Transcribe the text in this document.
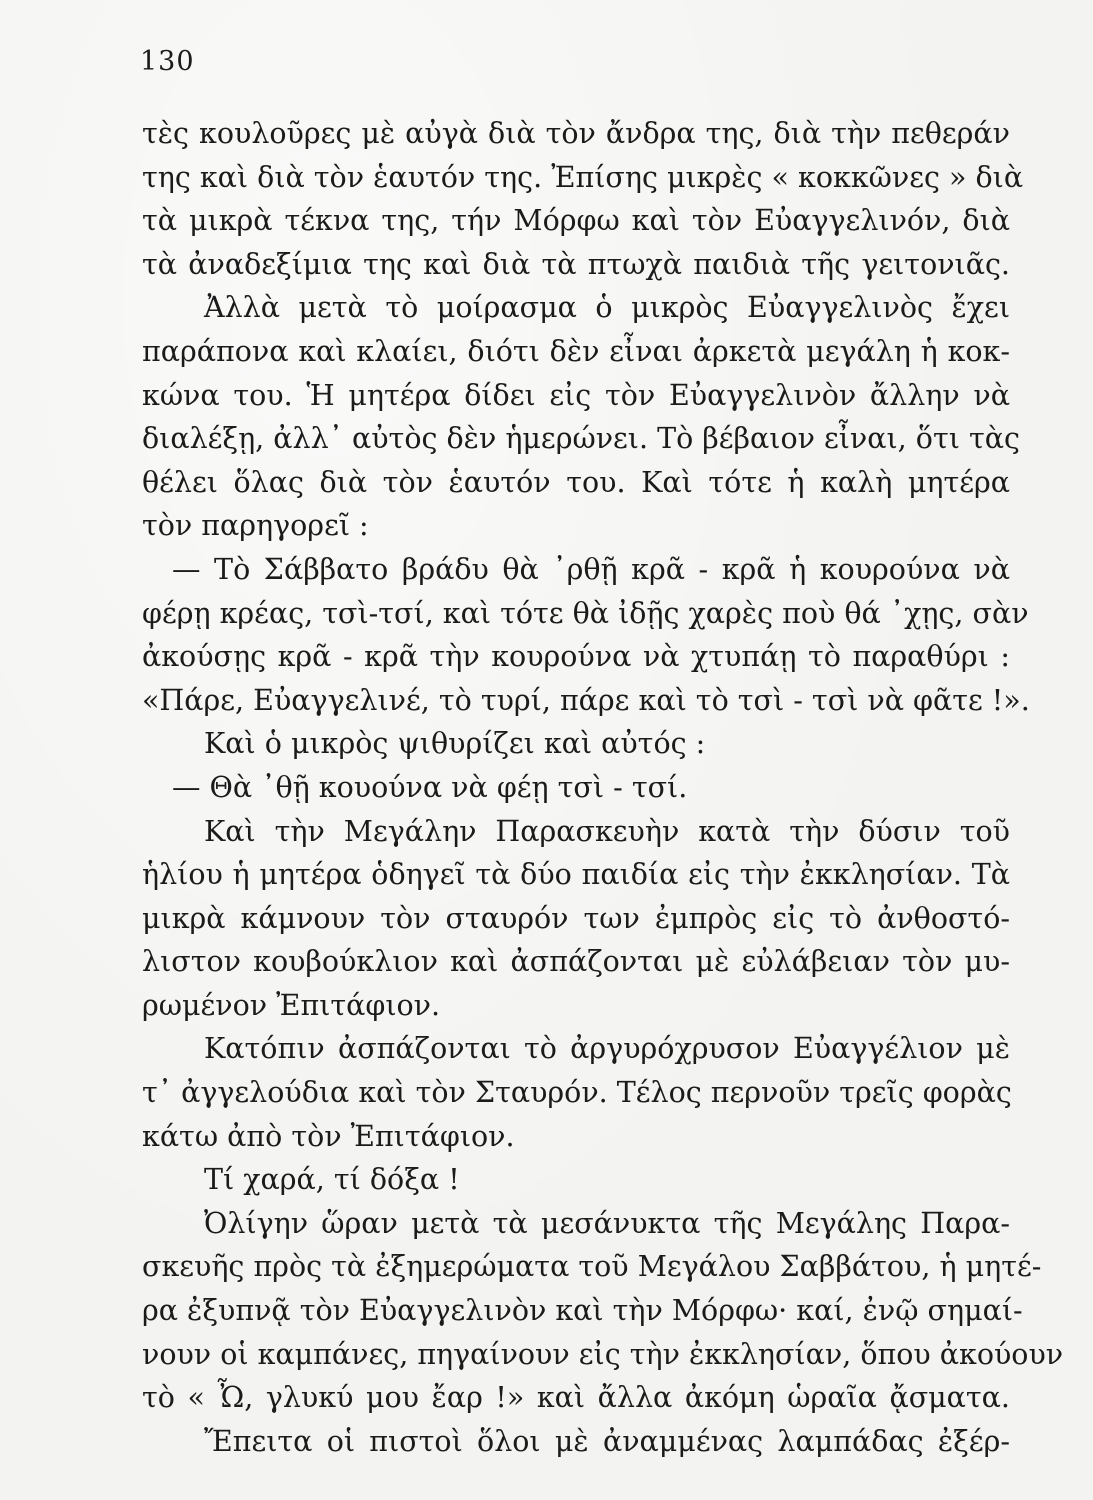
130
τὲς κουλοῦρες μὲ αὐγὰ διὰ τὸν ἄνδρα της, διὰ τὴν πεθεράν
της καὶ διὰ τὸν ἑαυτόν της. Ἐπίσης μικρὲς « κοκκῶνες » διὰ
τὰ μικρὰ τέκνα της, τήν Μόρφω καὶ τὸν Εὐαγγελινόν, διὰ
τὰ ἀναδεξίμια της καὶ διὰ τὰ πτωχὰ παιδιὰ τῆς γειτονιᾶς.
Ἀλλὰ μετὰ τὸ μοίρασμα ὁ μικρὸς Εὐαγγελινὸς ἔχει
παράπονα καὶ κλαίει, διότι δὲν εἶναι ἀρκετὰ μεγάλη ἡ κοκ-
κώνα του. Ἡ μητέρα δίδει εἰς τὸν Εὐαγγελινὸν ἄλλην νὰ
διαλέξῃ, ἀλλ᾽ αὐτὸς δὲν ἡμερώνει. Τὸ βέβαιον εἶναι, ὅτι τὰς
θέλει ὅλας διὰ τὸν ἑαυτόν του. Καὶ τότε ἡ καλὴ μητέρα
τὸν παρηγορεῖ :
— Τὸ Σάββατο βράδυ θὰ ᾽ρθῇ κρᾶ - κρᾶ ἡ κουρούνα νὰ
φέρῃ κρέας, τσὶ-τσί, καὶ τότε θὰ ἰδῇς χαρὲς ποὺ θά ᾽χῃς, σὰν
ἀκούσῃς κρᾶ - κρᾶ τὴν κουρούνα νὰ χτυπάῃ τὸ παραθύρι :
«Πάρε, Εὐαγγελινέ, τὸ τυρί, πάρε καὶ τὸ τσὶ - τσὶ νὰ φᾶτε !».
Καὶ ὁ μικρὸς ψιθυρίζει καὶ αὐτός :
— Θὰ ᾽θῇ κουούνα νὰ φέῃ τσὶ - τσί.
Καὶ τὴν Μεγάλην Παρασκευὴν κατὰ τὴν δύσιν τοῦ
ἡλίου ἡ μητέρα ὁδηγεῖ τὰ δύο παιδία εἰς τὴν ἐκκλησίαν. Τὰ
μικρὰ κάμνουν τὸν σταυρόν των ἐμπρὸς εἰς τὸ ἀνθοστό-
λιστον κουβούκλιον καὶ ἀσπάζονται μὲ εὐλάβειαν τὸν μυ-
ρωμένον Ἐπιτάφιον.
Κατόπιν ἀσπάζονται τὸ ἀργυρόχρυσον Εὐαγγέλιον μὲ
τ᾽ ἀγγελούδια καὶ τὸν Σταυρόν. Τέλος περνοῦν τρεῖς φορὰς
κάτω ἀπὸ τὸν Ἐπιτάφιον.
Τί χαρά, τί δόξα !
Ὀλίγην ὥραν μετὰ τὰ μεσάνυκτα τῆς Μεγάλης Παρα-
σκευῆς πρὸς τὰ ἐξημερώματα τοῦ Μεγάλου Σαββάτου, ἡ μητέ-
ρα ἐξυπνᾷ τὸν Εὐαγγελινὸν καὶ τὴν Μόρφω· καί, ἐνῷ σημαί-
νουν οἱ καμπάνες, πηγαίνουν εἰς τὴν ἐκκλησίαν, ὅπου ἀκούουν
τὸ « Ὦ, γλυκύ μου ἔαρ !» καὶ ἄλλα ἀκόμη ὡραῖα ᾄσματα.
Ἔπειτα οἱ πιστοὶ ὅλοι μὲ ἀναμμένας λαμπάδας ἐξέρ-
